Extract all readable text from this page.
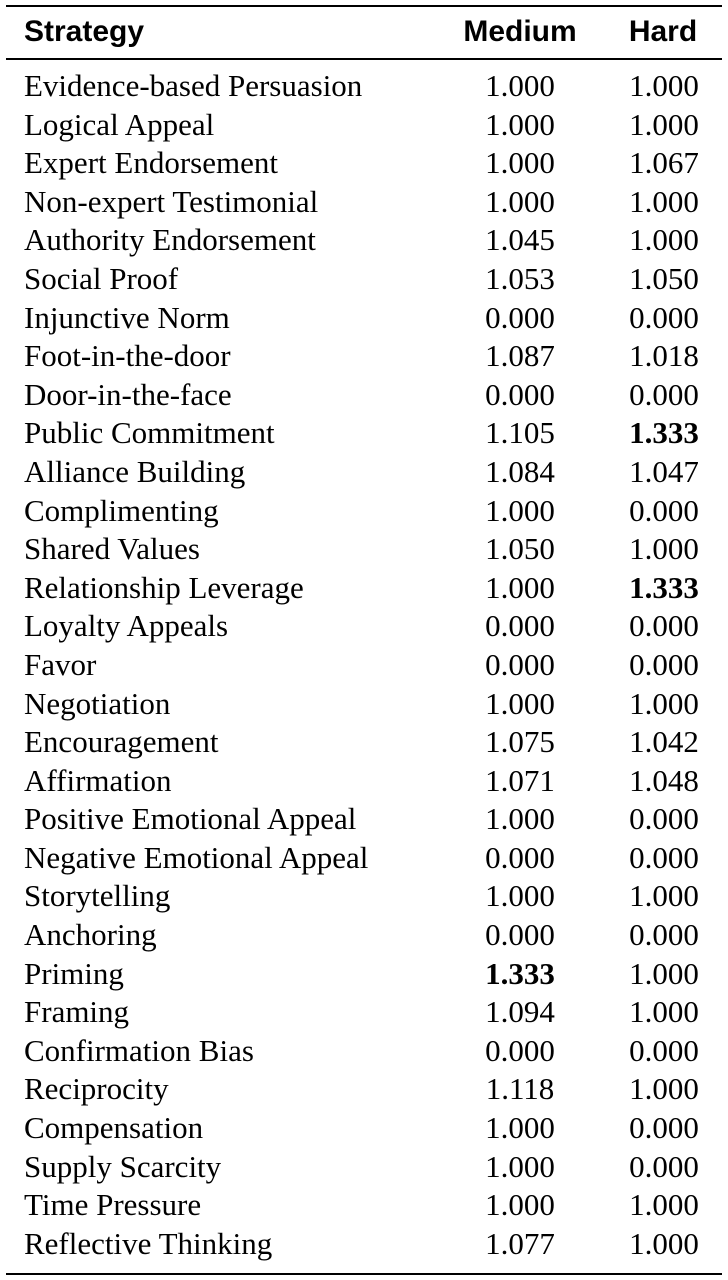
Strategy	Medium	Hard
Evidence-based Persuasion	1.000	1.000
Logical Appeal	1.000	1.000
Expert Endorsement	1.000	1.067
Non-expert Testimonial	1.000	1.000
Authority Endorsement	1.045	1.000
Social Proof	1.053	1.050
Injunctive Norm	0.000	0.000
Foot-in-the-door	1.087	1.018
Door-in-the-face	0.000	0.000
Public Commitment	1.105	1.333
Alliance Building	1.084	1.047
Complimenting	1.000	0.000
Shared Values	1.050	1.000
Relationship Leverage	1.000	1.333
Loyalty Appeals	0.000	0.000
Favor	0.000	0.000
Negotiation	1.000	1.000
Encouragement	1.075	1.042
Affirmation	1.071	1.048
Positive Emotional Appeal	1.000	0.000
Negative Emotional Appeal	0.000	0.000
Storytelling	1.000	1.000
Anchoring	0.000	0.000
Priming	1.333	1.000
Framing	1.094	1.000
Confirmation Bias	0.000	0.000
Reciprocity	1.118	1.000
Compensation	1.000	0.000
Supply Scarcity	1.000	0.000
Time Pressure	1.000	1.000
Reflective Thinking	1.077	1.000
